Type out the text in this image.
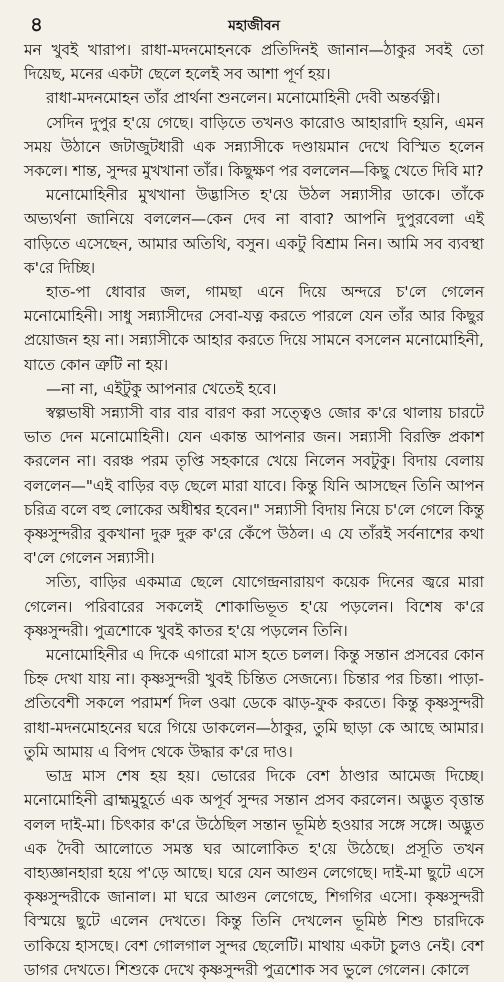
৪	মহাজীবন

মন খুবই খারাপ। রাধা-মদনমোহনকে প্রতিদিনই জানান—ঠাকুর সবই তো দিয়েছ, মনের একটা ছেলে হলেই সব আশা পূর্ণ হয়।

রাধা-মদনমোহন তাঁর প্রার্থনা শুনলেন। মনোমোহিনী দেবী অন্তর্বত্নী।

সেদিন দুপুর হ'য়ে গেছে। বাড়িতে তখনও কারোও আহারাদি হয়নি, এমন সময় উঠানে জটাজুটধারী এক সন্ন্যাসীকে দণ্ডায়মান দেখে বিস্মিত হলেন সকলে। শান্ত, সুন্দর মুখখানা তাঁর। কিছুক্ষণ পর বললেন—কিছু খেতে দিবি মা?

মনোমোহিনীর মুখখানা উদ্ভাসিত হ'য়ে উঠল সন্ন্যাসীর ডাকে। তাঁকে অভ্যর্থনা জানিয়ে বললেন—কেন দেব না বাবা? আপনি দুপুরবেলা এই বাড়িতে এসেছেন, আমার অতিথি, বসুন। একটু বিশ্রাম নিন। আমি সব ব্যবস্থা ক'রে দিচ্ছি।

হাত-পা ধোবার জল, গামছা এনে দিয়ে অন্দরে চ'লে গেলেন মনোমোহিনী। সাধু সন্ন্যাসীদের সেবা-যত্ন করতে পারলে যেন তাঁর আর কিছুর প্রয়োজন হয় না। সন্ন্যাসীকে আহার করতে দিয়ে সামনে বসলেন মনোমোহিনী, যাতে কোন ত্রুটি না হয়।

—না না, এইটুকু আপনার খেতেই হবে।

স্বল্পভাষী সন্ন্যাসী বার বার বারণ করা সত্ত্বেও জোর ক'রে থালায় চারটে ভাত দেন মনোমোহিনী। যেন একান্ত আপনার জন। সন্ন্যাসী বিরক্তি প্রকাশ করলেন না। বরঞ্চ পরম তৃপ্তি সহকারে খেয়ে নিলেন সবটুকু। বিদায় বেলায় বললেন—"এই বাড়ির বড় ছেলে মারা যাবে। কিন্তু যিনি আসছেন তিনি আপন চরিত্র বলে বহু লোকের অধীশ্বর হবেন।" সন্ন্যাসী বিদায় নিয়ে চ'লে গেলে কিন্তু কৃষ্ণসুন্দরীর বুকখানা দুরু দুরু ক'রে কেঁপে উঠল। এ যে তাঁরই সর্বনাশের কথা ব'লে গেলেন সন্ন্যাসী।

সত্যি, বাড়ির একমাত্র ছেলে যোগেন্দ্রনারায়ণ কয়েক দিনের জ্বরে মারা গেলেন। পরিবারের সকলেই শোকাভিভূত হ'য়ে পড়লেন। বিশেষ ক'রে কৃষ্ণসুন্দরী। পুত্রশোকে খুবই কাতর হ'য়ে পড়লেন তিনি।

মনোমোহিনীর এ দিকে এগারো মাস হতে চলল। কিন্তু সন্তান প্রসবের কোন চিহ্ন দেখা যায় না। কৃষ্ণসুন্দরী খুবই চিন্তিত সেজন্যে। চিন্তার পর চিন্তা। পাড়া-প্রতিবেশী সকলে পরামর্শ দিল ওঝা ডেকে ঝাড়-ফুক করতে। কিন্তু কৃষ্ণসুন্দরী রাধা-মদনমোহনের ঘরে গিয়ে ডাকলেন—ঠাকুর, তুমি ছাড়া কে আছে আমার। তুমি আমায় এ বিপদ থেকে উদ্ধার ক'রে দাও।

ভাদ্র মাস শেষ হয় হয়। ভোরের দিকে বেশ ঠাণ্ডার আমেজ দিচ্ছে। মনোমোহিনী ব্রাহ্মমুহূর্তে এক অপূর্ব সুন্দর সন্তান প্রসব করলেন। অদ্ভুত বৃত্তান্ত বলল দাই-মা। চিৎকার ক'রে উঠেছিল সন্তান ভূমিষ্ঠ হওয়ার সঙ্গে সঙ্গে। অদ্ভুত এক দৈবী আলোতে সমস্ত ঘর আলোকিত হ'য়ে উঠেছে। প্রসূতি তখন বাহ্যজ্ঞানহারা হয়ে প'ড়ে আছে। ঘরে যেন আগুন লেগেছে। দাই-মা ছুটে এসে কৃষ্ণসুন্দরীকে জানাল। মা ঘরে আগুন লেগেছে, শিগগির এসো। কৃষ্ণসুন্দরী বিস্ময়ে ছুটে এলেন দেখতে। কিন্তু তিনি দেখলেন ভূমিষ্ঠ শিশু চারদিকে তাকিয়ে হাসছে। বেশ গোলগাল সুন্দর ছেলেটি। মাথায় একটা চুলও নেই। বেশ ডাগর দেখতে। শিশুকে দেখে কৃষ্ণসুন্দরী পুত্রশোক সব ভুলে গেলেন। কোলে
